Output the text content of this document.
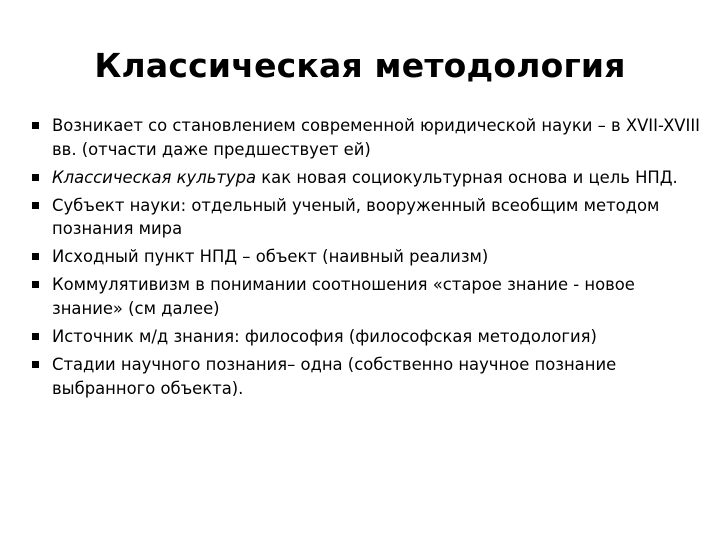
Классическая методология
Возникает со становлением современной юридической науки – в XVII-XVIII вв. (отчасти даже предшествует ей)
Классическая культура как новая социокультурная основа и цель НПД.
Субъект науки: отдельный ученый, вооруженный всеобщим методом познания мира
Исходный пункт НПД – объект (наивный реализм)
Коммулятивизм в понимании соотношения «старое знание - новое знание» (см далее)
Источник м/д знания: философия (философская методология)
Стадии научного познания– одна (собственно научное познание выбранного объекта).
